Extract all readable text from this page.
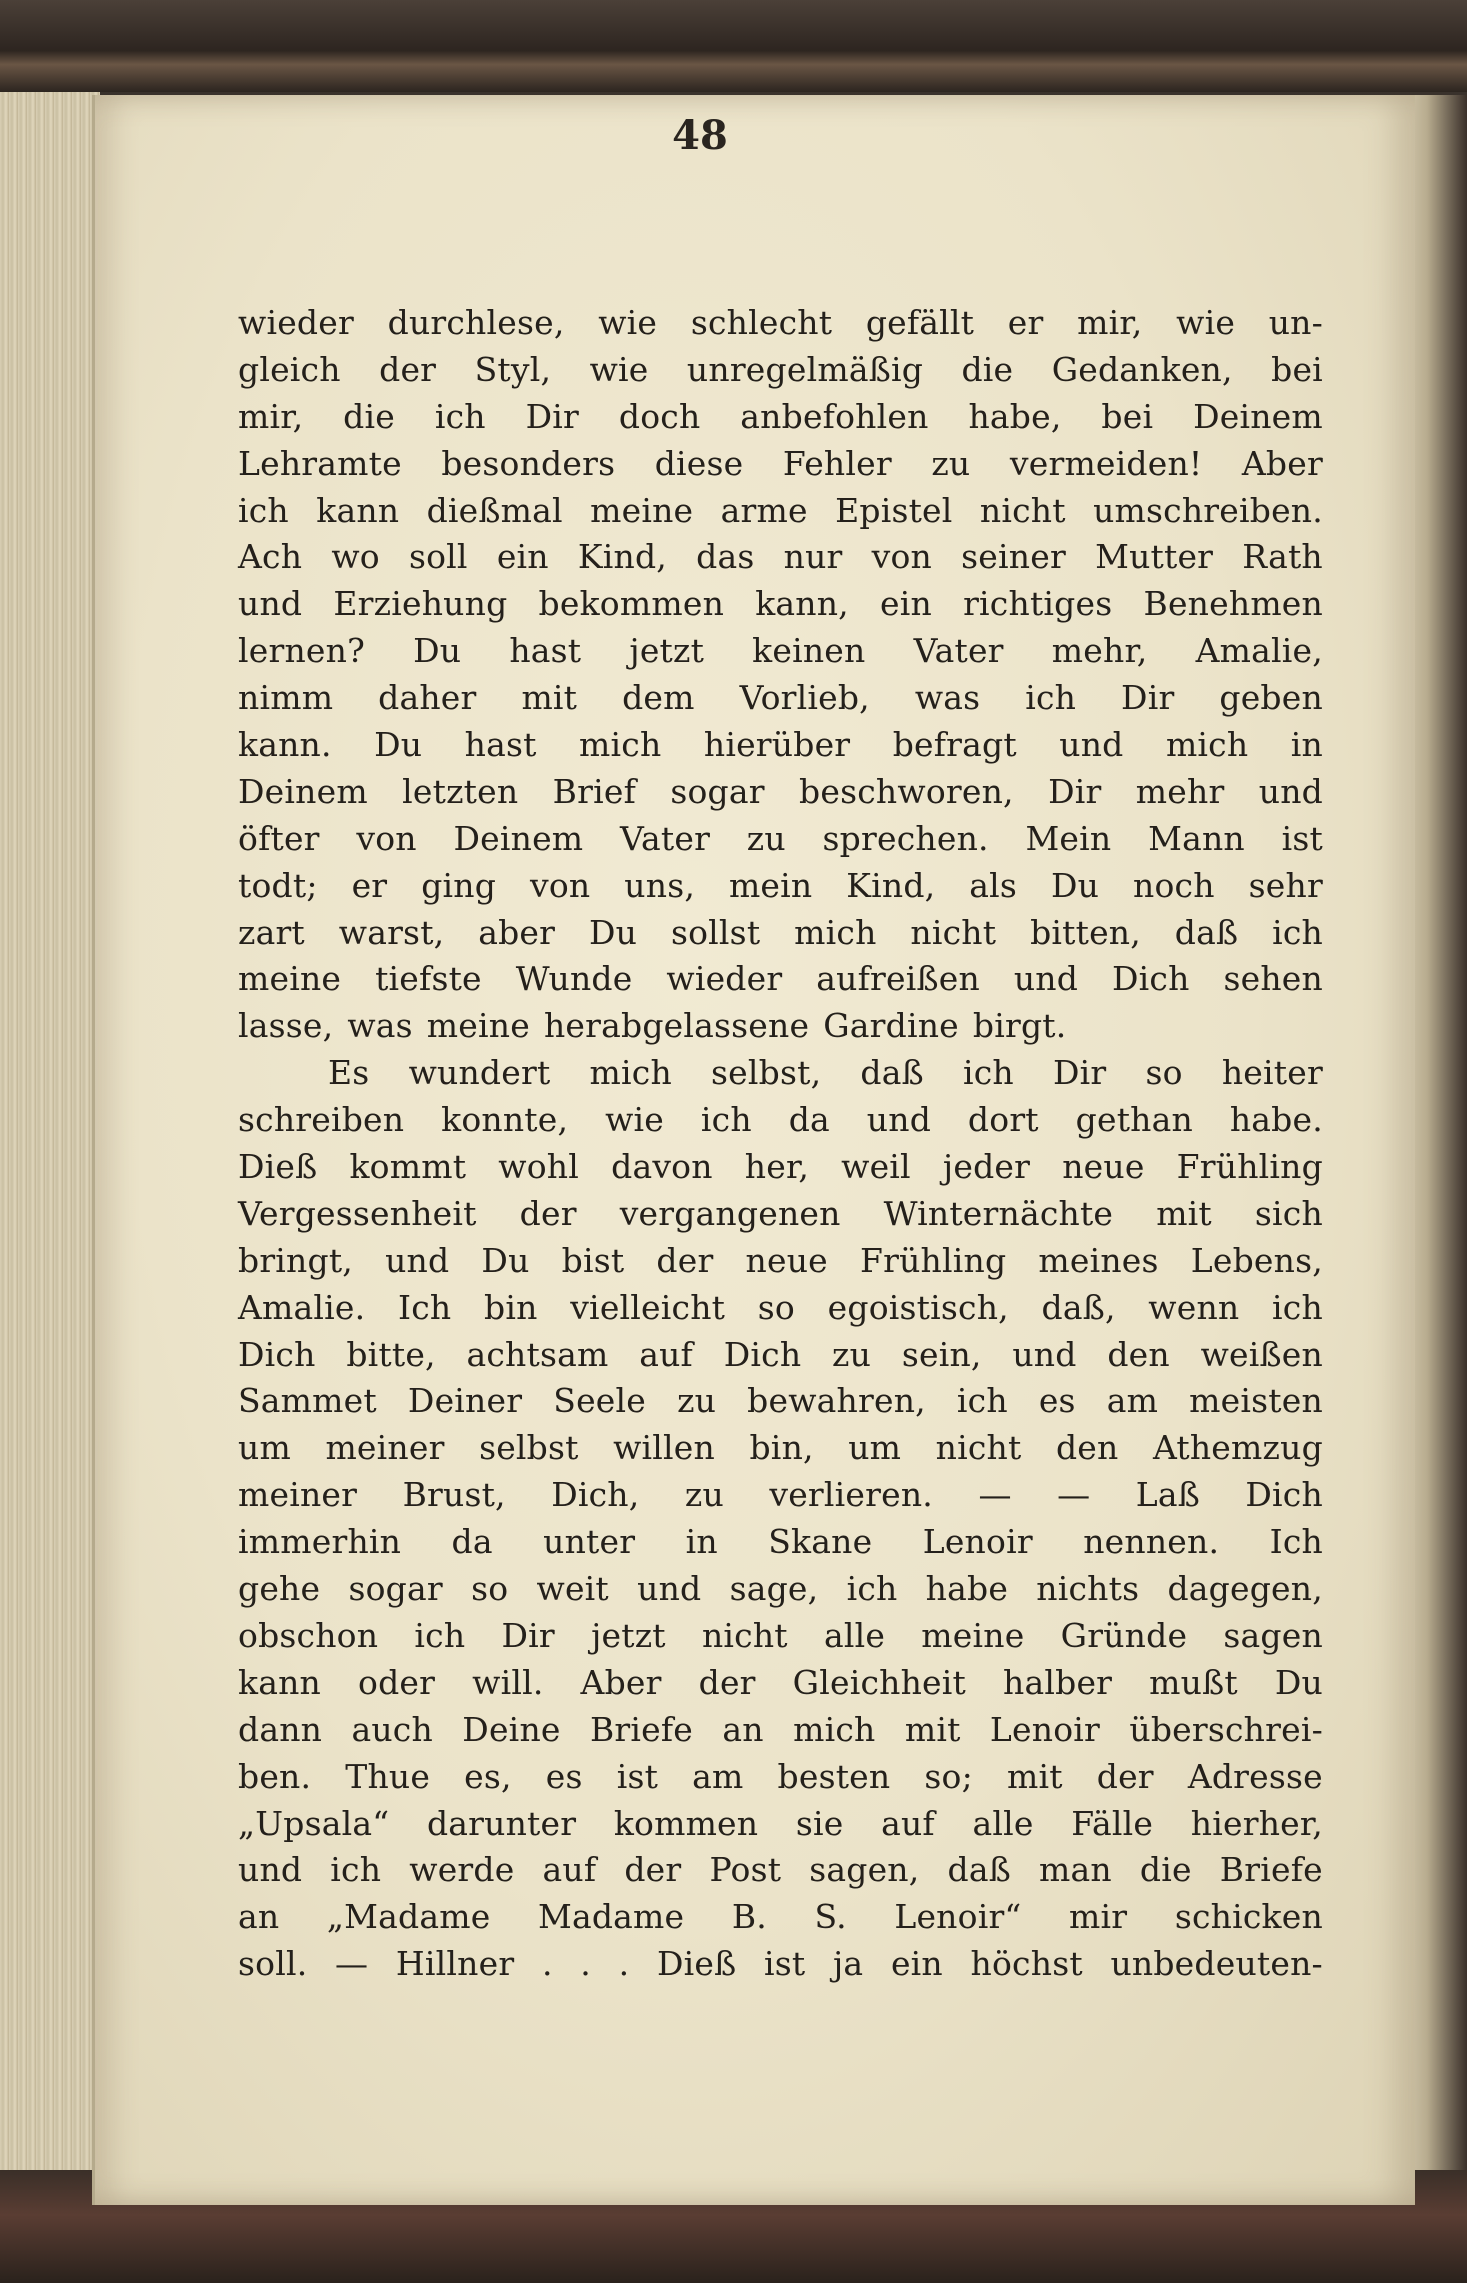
48
wieder durchlese, wie schlecht gefällt er mir, wie un-
gleich der Styl, wie unregelmäßig die Gedanken, bei
mir, die ich Dir doch anbefohlen habe, bei Deinem
Lehramte besonders diese Fehler zu vermeiden! Aber
ich kann dießmal meine arme Epistel nicht umschreiben.
Ach wo soll ein Kind, das nur von seiner Mutter Rath
und Erziehung bekommen kann, ein richtiges Benehmen
lernen? Du hast jetzt keinen Vater mehr, Amalie,
nimm daher mit dem Vorlieb, was ich Dir geben
kann. Du hast mich hierüber befragt und mich in
Deinem letzten Brief sogar beschworen, Dir mehr und
öfter von Deinem Vater zu sprechen. Mein Mann ist
todt; er ging von uns, mein Kind, als Du noch sehr
zart warst, aber Du sollst mich nicht bitten, daß ich
meine tiefste Wunde wieder aufreißen und Dich sehen
lasse, was meine herabgelassene Gardine birgt.
Es wundert mich selbst, daß ich Dir so heiter
schreiben konnte, wie ich da und dort gethan habe.
Dieß kommt wohl davon her, weil jeder neue Frühling
Vergessenheit der vergangenen Winternächte mit sich
bringt, und Du bist der neue Frühling meines Lebens,
Amalie. Ich bin vielleicht so egoistisch, daß, wenn ich
Dich bitte, achtsam auf Dich zu sein, und den weißen
Sammet Deiner Seele zu bewahren, ich es am meisten
um meiner selbst willen bin, um nicht den Athemzug
meiner Brust, Dich, zu verlieren. — — Laß Dich
immerhin da unter in Skane Lenoir nennen. Ich
gehe sogar so weit und sage, ich habe nichts dagegen,
obschon ich Dir jetzt nicht alle meine Gründe sagen
kann oder will. Aber der Gleichheit halber mußt Du
dann auch Deine Briefe an mich mit Lenoir überschrei-
ben. Thue es, es ist am besten so; mit der Adresse
„Upsala“ darunter kommen sie auf alle Fälle hierher,
und ich werde auf der Post sagen, daß man die Briefe
an „Madame Madame B. S. Lenoir“ mir schicken
soll. — Hillner . . . Dieß ist ja ein höchst unbedeuten-
